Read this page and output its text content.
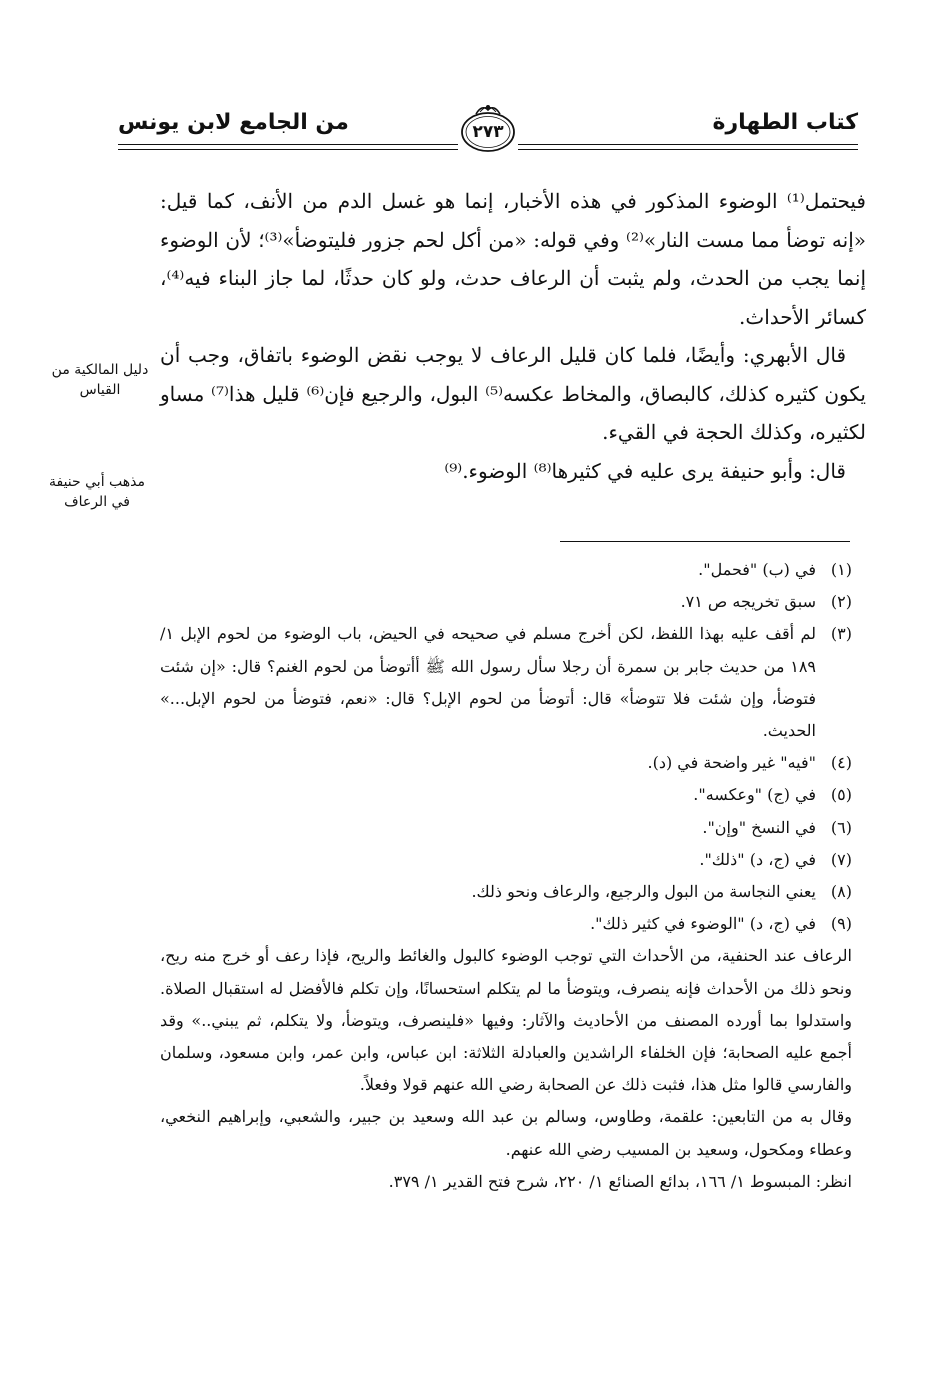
كتاب الطهارة
من الجامع لابن يونس	٢٧٣

فيحتمل⁽¹⁾ الوضوء المذكور في هذه الأخبار، إنما هو غسل الدم من الأنف، كما قيل: «إنه توضأ مما مست النار»⁽²⁾ وفي قوله: «من أكل لحم جزور فليتوضأ»⁽³⁾؛ لأن الوضوء إنما يجب من الحدث، ولم يثبت أن الرعاف حدث، ولو كان حدثًا، لما جاز البناء فيه⁽⁴⁾، كسائر الأحداث.

قال الأبهري: وأيضًا، فلما كان قليل الرعاف لا يوجب نقض الوضوء باتفاق، وجب أن يكون كثيره كذلك، كالبصاق، والمخاط عكسه⁽⁵⁾ البول، والرجيع فإن⁽⁶⁾ قليل هذا⁽⁷⁾ مساو لكثيره، وكذلك الحجة في القيء.

قال: وأبو حنيفة يرى عليه في كثيرها⁽⁸⁾ الوضوء.⁽⁹⁾

دليل المالكية من القياس
مذهب أبي حنيفة في الرعاف
(١)
في (ب) "فحمل".
(٢)
سبق تخريجه ص ٧١.
(٣)
لم أقف عليه بهذا اللفظ، لكن أخرج مسلم في صحيحه في الحيض، باب الوضوء من لحوم الإبل ١/ ١٨٩ من حديث جابر بن سمرة أن رجلا سأل رسول الله ﷺ أأتوضأ من لحوم الغنم؟ قال: «إن شئت فتوضأ، وإن شئت فلا تتوضأ» قال: أتوضأ من لحوم الإبل؟ قال: «نعم، فتوضأ من لحوم الإبل...» الحديث.
(٤)
"فيه" غير واضحة في (د).
(٥)
في (ج) "وعكسه".
(٦)
في النسخ "وإن".
(٧)
في (ج، د) "ذلك".
(٨)
يعني النجاسة من البول والرجيع، والرعاف ونحو ذلك.
(٩)
في (ج، د) "الوضوء في كثير ذلك".

الرعاف عند الحنفية، من الأحداث التي توجب الوضوء كالبول والغائط والريح، فإذا رعف أو خرج منه ريح، ونحو ذلك من الأحداث فإنه ينصرف، ويتوضأ ما لم يتكلم استحسانًا، وإن تكلم فالأفضل له استقبال الصلاة. واستدلوا بما أورده المصنف من الأحاديث والآثار: وفيها «فلينصرف، ويتوضأ، ولا يتكلم، ثم يبني..» وقد أجمع عليه الصحابة؛ فإن الخلفاء الراشدين والعبادلة الثلاثة: ابن عباس، وابن عمر، وابن مسعود، وسلمان والفارسي قالوا مثل هذا، فثبت ذلك عن الصحابة رضي الله عنهم قولا وفعلاً.

وقال به من التابعين: علقمة، وطاوس، وسالم بن عبد الله وسعيد بن جبير، والشعبي، وإبراهيم النخعي، وعطاء ومكحول، وسعيد بن المسيب رضي الله عنهم.

انظر: المبسوط ١/ ١٦٦، بدائع الصنائع ١/ ٢٢٠، شرح فتح القدير ١/ ٣٧٩.
